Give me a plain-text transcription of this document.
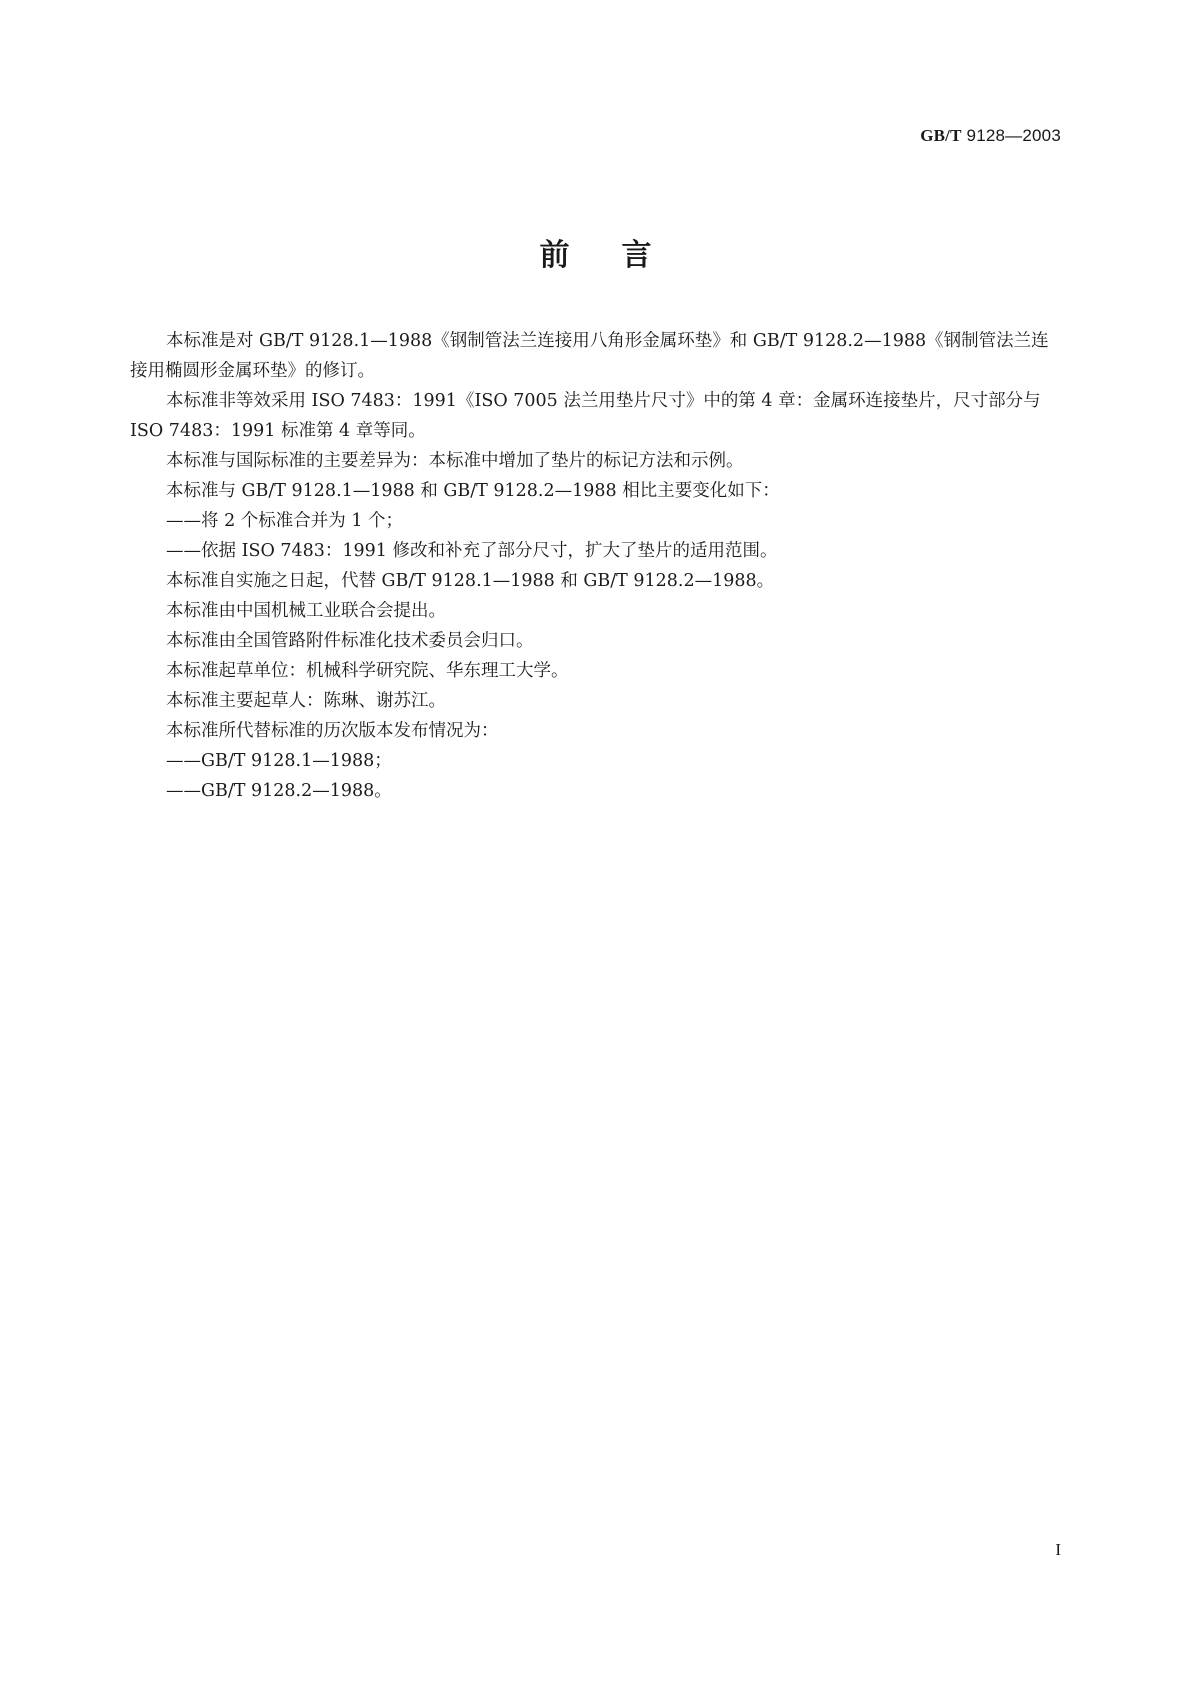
GB/T 9128—2003
前言

本标准是对 GB/T 9128.1—1988《钢制管法兰连接用八角形金属环垫》和 GB/T 9128.2—1988《钢制管法兰连接用椭圆形金属环垫》的修订。

本标准非等效采用 ISO 7483：1991《ISO 7005 法兰用垫片尺寸》中的第 4 章：金属环连接垫片，尺寸部分与 ISO 7483：1991 标准第 4 章等同。

本标准与国际标准的主要差异为：本标准中增加了垫片的标记方法和示例。

本标准与 GB/T 9128.1—1988 和 GB/T 9128.2—1988 相比主要变化如下：

——将 2 个标准合并为 1 个；

——依据 ISO 7483：1991 修改和补充了部分尺寸，扩大了垫片的适用范围。

本标准自实施之日起，代替 GB/T 9128.1—1988 和 GB/T 9128.2—1988。

本标准由中国机械工业联合会提出。

本标准由全国管路附件标准化技术委员会归口。

本标准起草单位：机械科学研究院、华东理工大学。

本标准主要起草人：陈琳、谢苏江。

本标准所代替标准的历次版本发布情况为：

——GB/T 9128.1—1988；

——GB/T 9128.2—1988。

I
